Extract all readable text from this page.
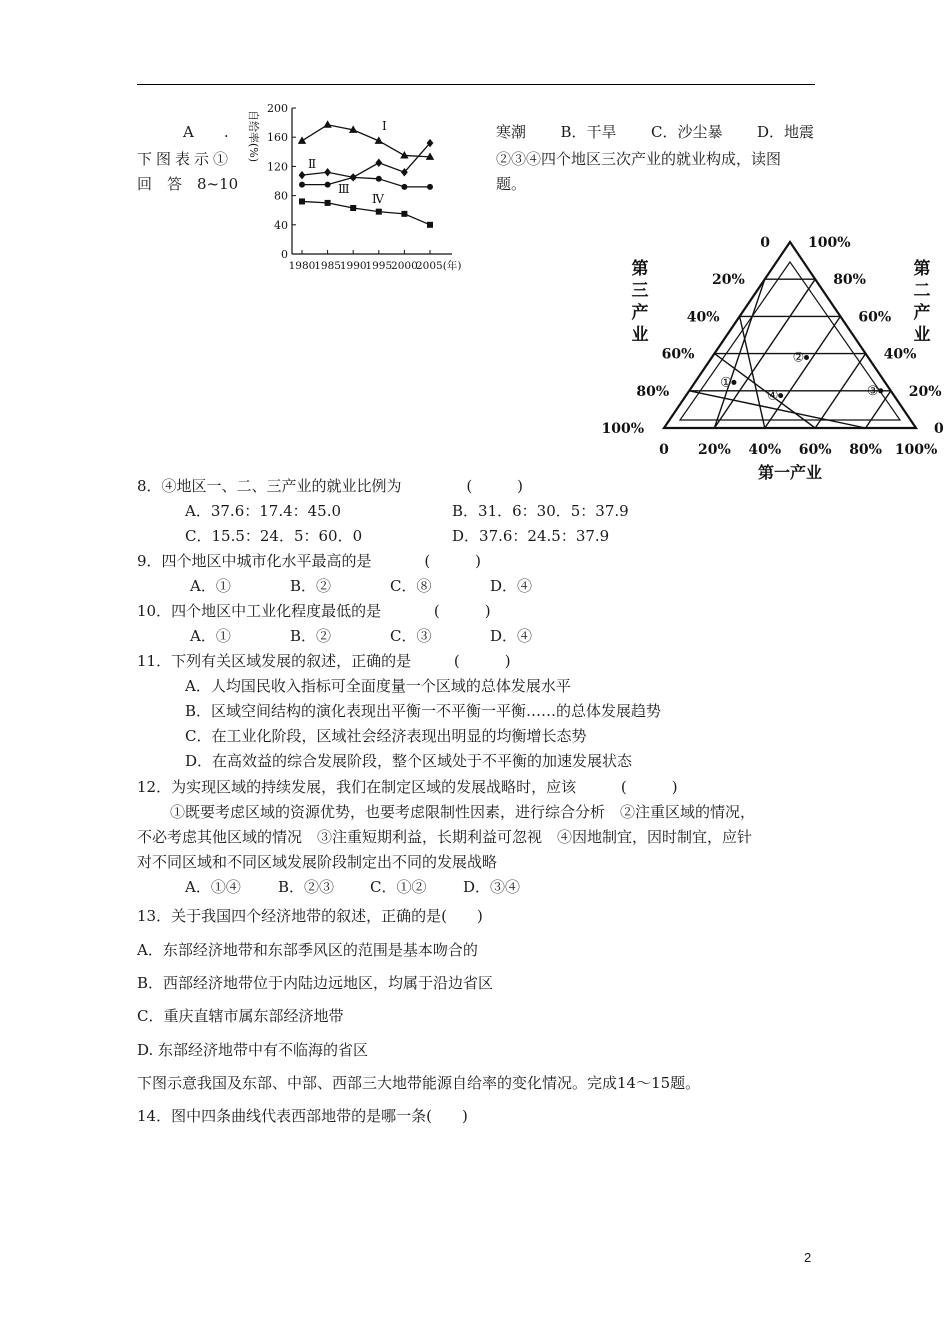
A　　.
下图表示①
回　答　8~10
寒潮 B．干旱 C．沙尘暴 D．地震
②③④四个地区三次产业的就业构成，读图
题。
0
40
80
120
160
200
1980
1985
1990
1995
2000
2005(年)
Ⅰ
Ⅱ
Ⅲ
Ⅳ
自给率(%)
0 20% 40% 60% 80% 100%
0
20%
40%
60%
80%
100%
100%
80%
60%
40%
20%
0
第一产业
第
三
产
业
第
二
产
业
①
②
④	③
8．④地区一、二、三产业的就业比例为	(　　　)
A．37.6：17.4：45.0	B．31．6：30．5：37.9
C．15.5：24．5：60．0	D．37.6：24.5：37.9
9．四个地区中城市化水平最高的是	(　　　)
A．①	B．②	C．⑧	D．④
10．四个地区中工业化程度最低的是	(　　　)
A．①	B．②	C．③	D．④
11．下列有关区域发展的叙述，正确的是	(　　　)
A．人均国民收入指标可全面度量一个区域的总体发展水平
B．区域空间结构的演化表现出平衡一不平衡一平衡……的总体发展趋势
C．在工业化阶段，区域社会经济表现出明显的均衡增长态势
D．在高效益的综合发展阶段，整个区域处于不平衡的加速发展状态
12．为实现区域的持续发展，我们在制定区域的发展战略时，应该	(　　　)
①既要考虑区域的资源优势，也要考虑限制性因素，进行综合分析　②注重区域的情况，
不必考虑其他区域的情况　③注重短期利益，长期利益可忽视　④因地制宜，因时制宜，应针
对不同区域和不同区域发展阶段制定出不同的发展战略
A．①④ B．②③ C．①② D．③④
13．关于我国四个经济地带的叙述，正确的是(　　)
A．东部经济地带和东部季风区的范围是基本吻合的
B．西部经济地带位于内陆边远地区，均属于沿边省区
C．重庆直辖市属东部经济地带
D. 东部经济地带中有不临海的省区
下图示意我国及东部、中部、西部三大地带能源自给率的变化情况。完成14～15题。
14．图中四条曲线代表西部地带的是哪一条(　　)
2
